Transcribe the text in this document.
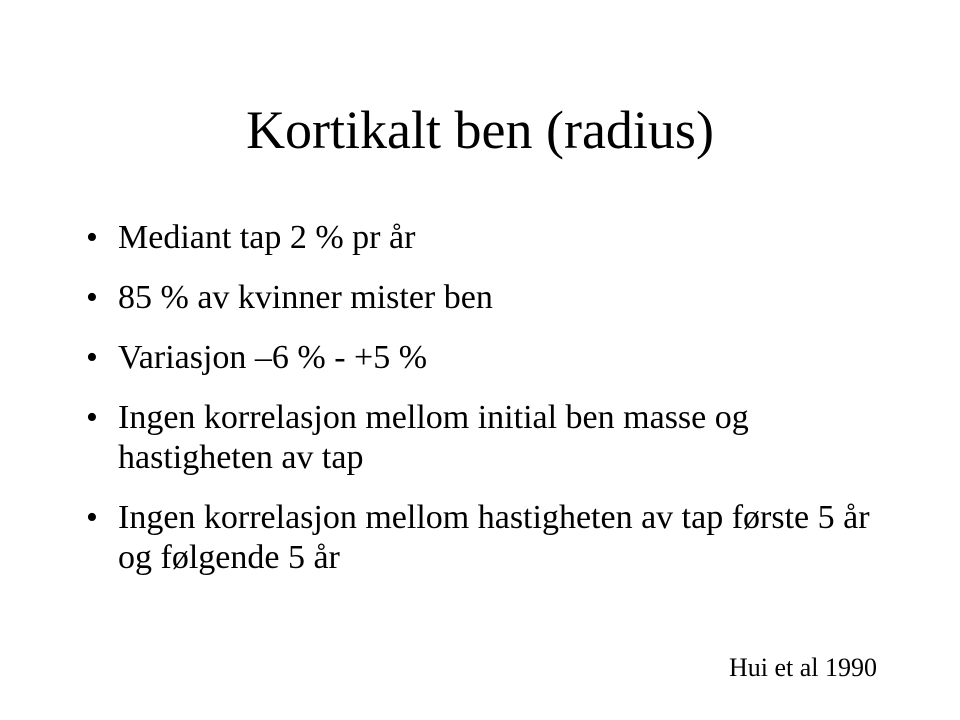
Kortikalt ben (radius)
• Mediant tap 2 % pr år
• 85 % av kvinner mister ben
• Variasjon –6 % - +5 %
• Ingen korrelasjon mellom initial ben masse og hastigheten av tap
• Ingen korrelasjon mellom hastigheten av tap første 5 år og følgende 5 år
Hui et al 1990
